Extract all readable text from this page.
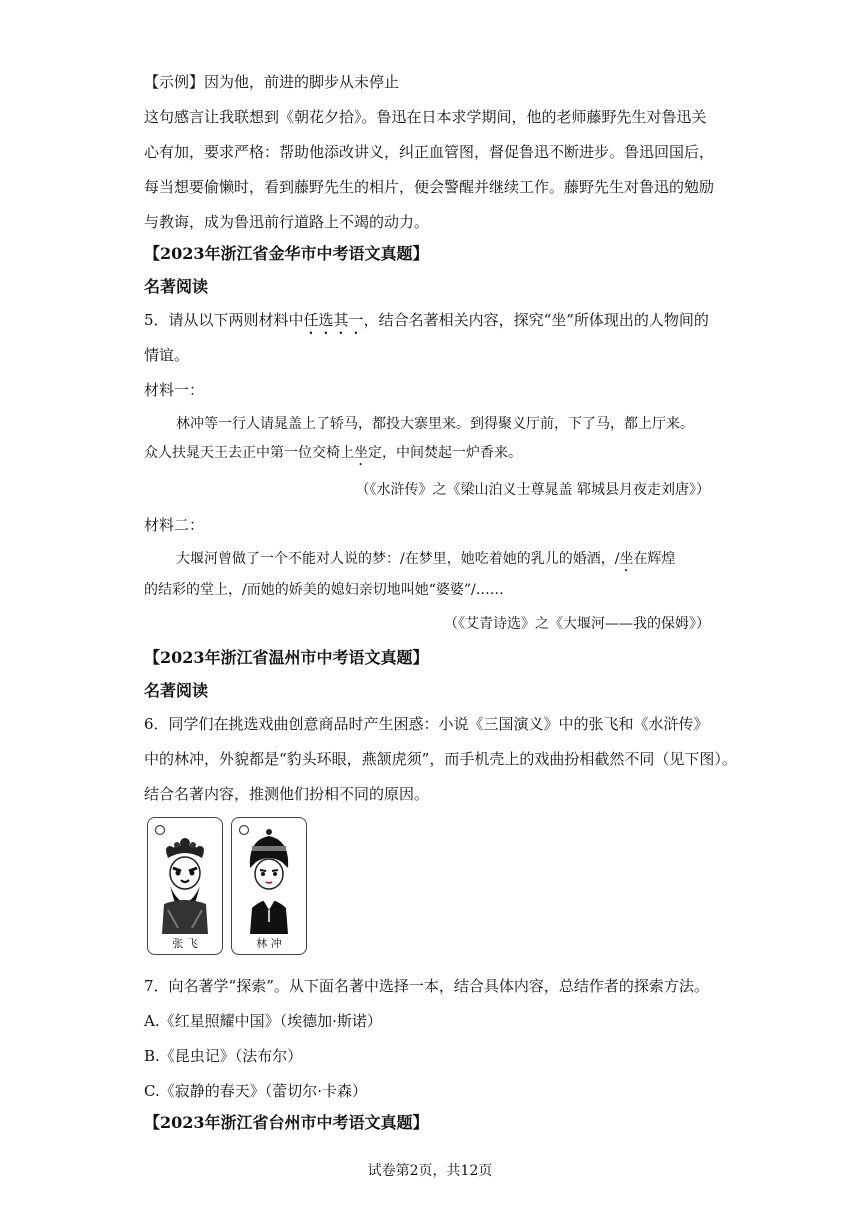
【示例】因为他，前进的脚步从未停止
这句感言让我联想到《朝花夕拾》。鲁迅在日本求学期间，他的老师藤野先生对鲁迅关
心有加，要求严格：帮助他添改讲义，纠正血管图，督促鲁迅不断进步。鲁迅回国后，
每当想要偷懒时，看到藤野先生的相片，便会警醒并继续工作。藤野先生对鲁迅的勉励
与教诲，成为鲁迅前行道路上不竭的动力。
【2023年浙江省金华市中考语文真题】
名著阅读
5．请从以下两则材料中任选其一，结合名著相关内容，探究“坐”所体现出的人物间的
情谊。
材料一：
林冲等一行人请晁盖上了轿马，都投大寨里来。到得聚义厅前，下了马，都上厅来。
众人扶晁天王去正中第一位交椅上坐定，中间焚起一炉香来。
（《水浒传》之《梁山泊义士尊晁盖 郓城县月夜走刘唐》）
材料二：
大堰河曾做了一个不能对人说的梦：/在梦里，她吃着她的乳儿的婚酒，/坐在辉煌
的结彩的堂上，/而她的娇美的媳妇亲切地叫她“婆婆”/……
（《艾青诗选》之《大堰河——我的保姆》）
【2023年浙江省温州市中考语文真题】
名著阅读
6．同学们在挑选戏曲创意商品时产生困惑：小说《三国演义》中的张飞和《水浒传》
中的林冲，外貌都是“豹头环眼，燕颔虎须”，而手机壳上的戏曲扮相截然不同（见下图）。
结合名著内容，推测他们扮相不同的原因。
张 飞	林 冲
7．向名著学“探索”。从下面名著中选择一本，结合具体内容，总结作者的探索方法。
A.《红星照耀中国》（埃德加·斯诺）
B.《昆虫记》（法布尔）
C.《寂静的春天》（蕾切尔·卡森）
【2023年浙江省台州市中考语文真题】
试卷第2页，共12页
